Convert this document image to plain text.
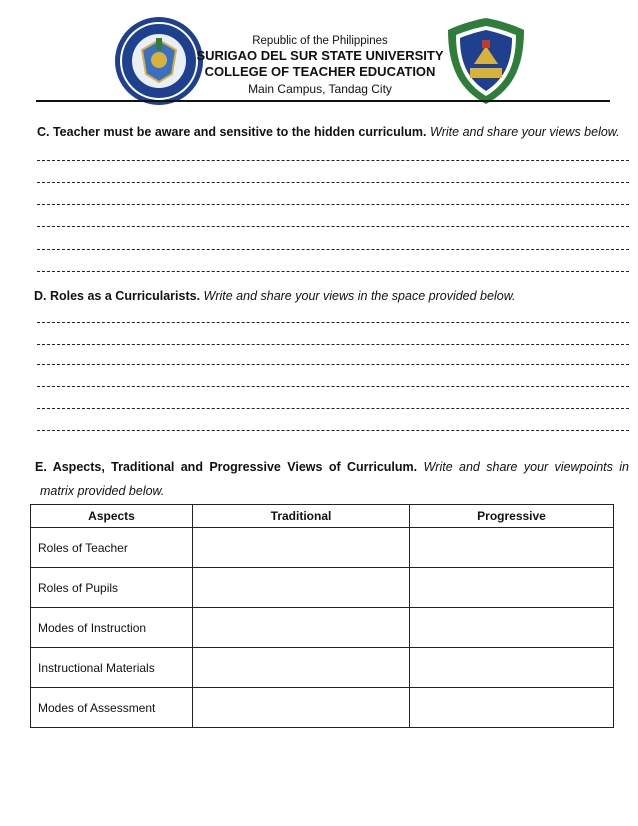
Republic of the Philippines
SURIGAO DEL SUR STATE UNIVERSITY
COLLEGE OF TEACHER EDUCATION
Main Campus, Tandag City
C. Teacher must be aware and sensitive to the hidden curriculum. Write and share your views below.
D. Roles as a Curricularists. Write and share your views in the space provided below.
E. Aspects, Traditional and Progressive Views of Curriculum. Write and share your viewpoints in
matrix provided below.
Aspects	Traditional	Progressive
Roles of Teacher		
Roles of Pupils		
Modes of Instruction		
Instructional Materials		
Modes of Assessment		
